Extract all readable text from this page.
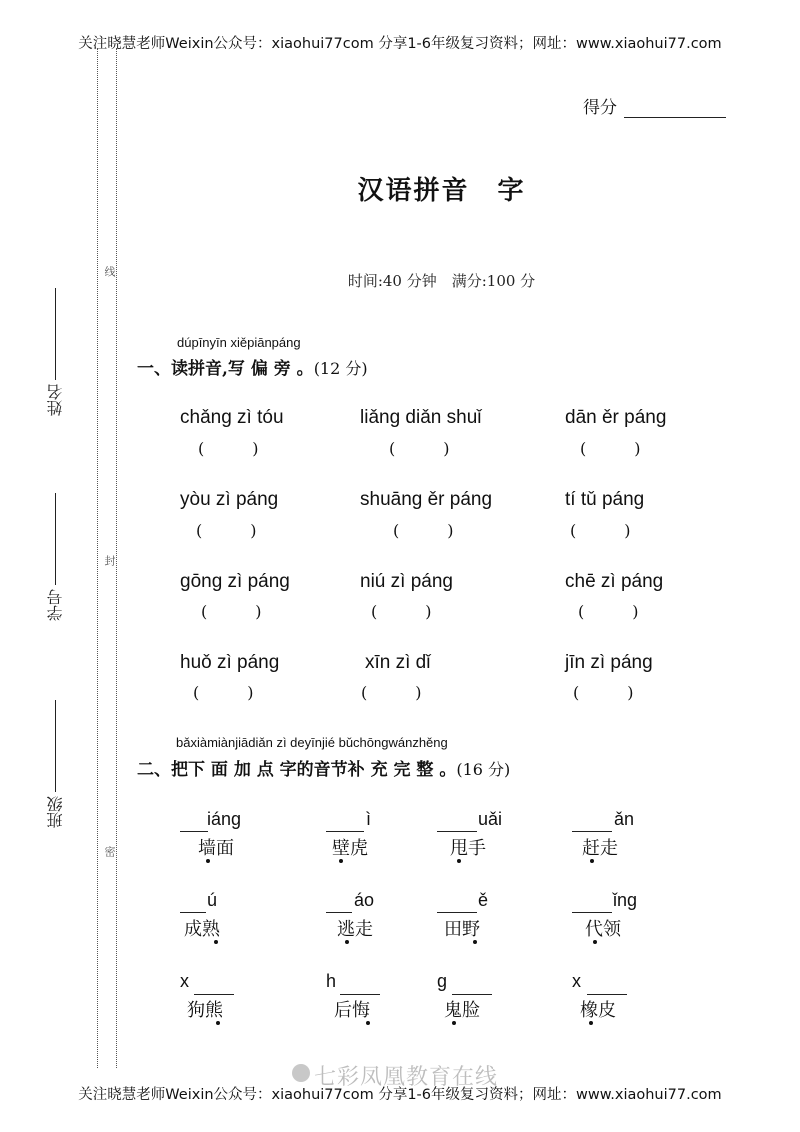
关注晓慧老师Weixin公众号：xiaohui77com 分享1-6年级复习资料；网址：www.xiaohui77.com
关注晓慧老师Weixin公众号：xiaohui77com 分享1-6年级复习资料；网址：www.xiaohui77.com
线
封
密
姓名
学号
班级
得分
汉语拼音　字
时间:40 分钟　满分:100 分
dúpīnyīn xiěpiānpáng
一、读拼音,写 偏 旁 。(12 分)
chǎng zì tóu
(　　　)
liǎng diǎn shuǐ
(　　　)
dān ěr páng
(　　　)
yòu zì páng
(　　　)
shuāng ěr páng
(　　　)
tí tǔ páng
(　　　)
gōng zì páng
(　　　)
niú zì páng
(　　　)
chē zì páng
(　　　)
huǒ zì páng
(　　　)
xīn zì dǐ
(　　　)
jīn zì páng
(　　　)
bǎxiàmiànjiādiǎn zì deyīnjié bǔchōngwánzhěng
二、把下 面 加 点 字的音节补 充 完 整 。(16 分)
iáng
墙面
ì
壁虎
uǎi
甩手
ǎn
赶走
ú
成熟
áo
逃走
ě
田野
ǐng
代领
x
狗熊
h
后悔
g
鬼脸
x
橡皮
七彩凤凰教育在线
